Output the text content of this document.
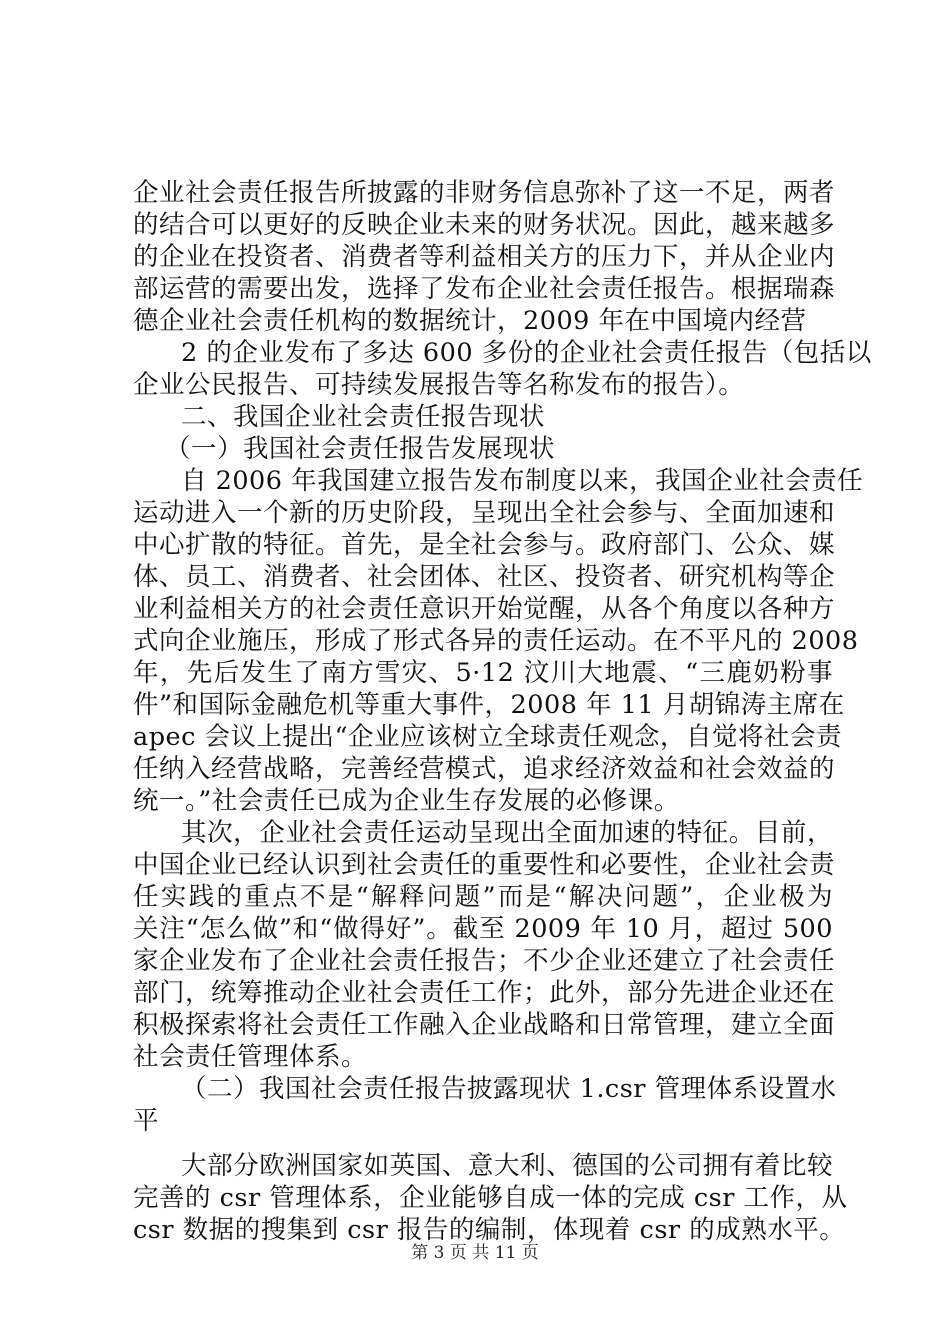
企业社会责任报告所披露的非财务信息弥补了这一不足，两者
的结合可以更好的反映企业未来的财务状况。因此，越来越多
的企业在投资者、消费者等利益相关方的压力下，并从企业内
部运营的需要出发，选择了发布企业社会责任报告。根据瑞森
德企业社会责任机构的数据统计，2009 年在中国境内经营
2 的企业发布了多达 600 多份的企业社会责任报告（包括以
企业公民报告、可持续发展报告等名称发布的报告）。
二、我国企业社会责任报告现状
（一）我国社会责任报告发展现状
自 2006 年我国建立报告发布制度以来，我国企业社会责任
运动进入一个新的历史阶段，呈现出全社会参与、全面加速和
中心扩散的特征。首先，是全社会参与。政府部门、公众、媒
体、员工、消费者、社会团体、社区、投资者、研究机构等企
业利益相关方的社会责任意识开始觉醒，从各个角度以各种方
式向企业施压，形成了形式各异的责任运动。在不平凡的 2008
年，先后发生了南方雪灾、5·12 汶川大地震、“三鹿奶粉事
件”和国际金融危机等重大事件，2008 年 11 月胡锦涛主席在
apec 会议上提出“企业应该树立全球责任观念，自觉将社会责
任纳入经营战略，完善经营模式，追求经济效益和社会效益的
统一。”社会责任已成为企业生存发展的必修课。
其次，企业社会责任运动呈现出全面加速的特征。目前，
中国企业已经认识到社会责任的重要性和必要性，企业社会责
任实践的重点不是“解释问题”而是“解决问题”，企业极为
关注“怎么做”和“做得好”。截至 2009 年 10 月，超过 500
家企业发布了企业社会责任报告；不少企业还建立了社会责任
部门，统筹推动企业社会责任工作；此外，部分先进企业还在
积极探索将社会责任工作融入企业战略和日常管理，建立全面
社会责任管理体系。
（二）我国社会责任报告披露现状 1.csr 管理体系设置水
平
大部分欧洲国家如英国、意大利、德国的公司拥有着比较
完善的 csr 管理体系，企业能够自成一体的完成 csr 工作，从
csr 数据的搜集到 csr 报告的编制，体现着 csr 的成熟水平。
第 3 页 共 11 页
